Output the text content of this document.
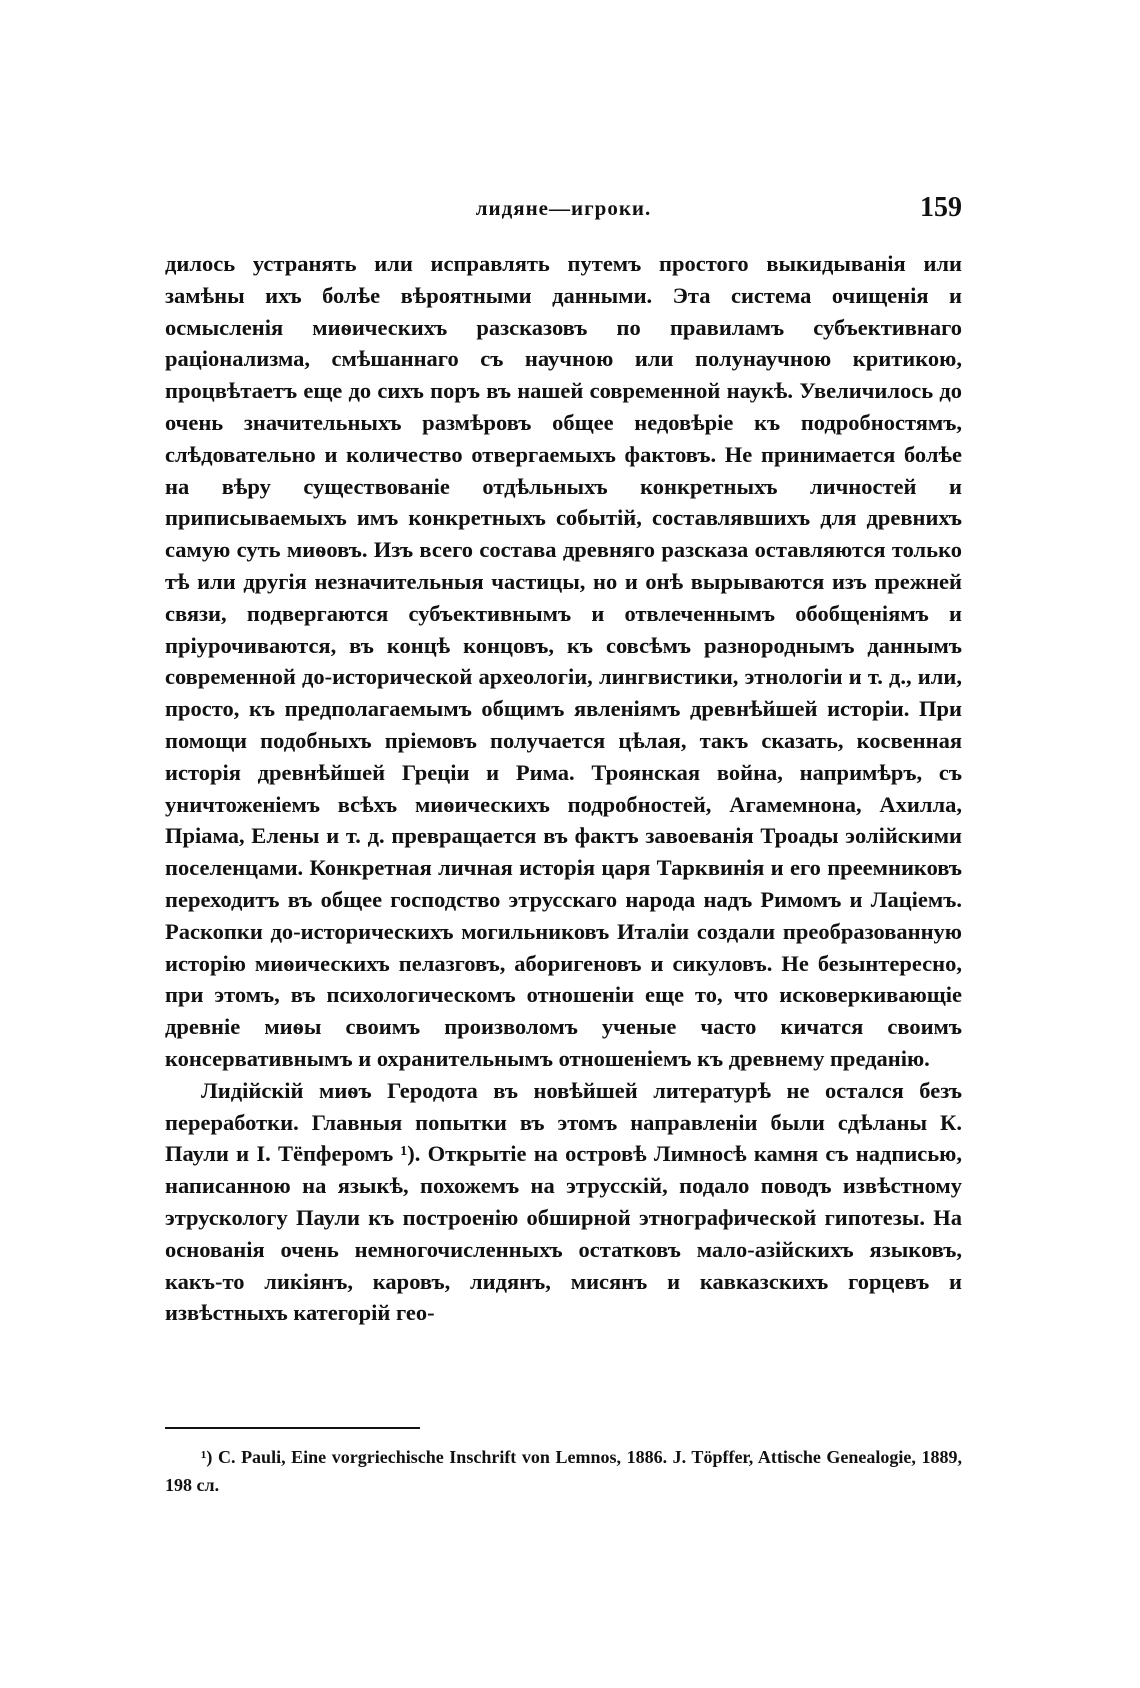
лидяне—игроки.	159

дилось устранять или исправлять путемъ простого выкидыванія или замѣны ихъ болѣе вѣроятными данными. Эта система очищенія и осмысленія миѳическихъ разсказовъ по правиламъ субъективнаго раціонализма, смѣшаннаго съ научною или полунаучною критикою, процвѣтаетъ еще до сихъ поръ въ нашей современной наукѣ. Увеличилось до очень значительныхъ размѣровъ общее недовѣріе къ подробностямъ, слѣдовательно и количество отвергаемыхъ фактовъ. Не принимается болѣе на вѣру существованіе отдѣльныхъ конкретныхъ личностей и приписываемыхъ имъ конкретныхъ событій, составлявшихъ для древнихъ самую суть миѳовъ. Изъ всего состава древняго разсказа оставляются только тѣ или другія незначительныя частицы, но и онѣ вырываются изъ прежней связи, подвергаются субъективнымъ и отвлеченнымъ обобщеніямъ и пріурочиваются, въ концѣ концовъ, къ совсѣмъ разнороднымъ даннымъ современной до-исторической археологіи, лингвистики, этнологіи и т. д., или, просто, къ предполагаемымъ общимъ явленіямъ древнѣйшей исторіи. При помощи подобныхъ пріемовъ получается цѣлая, такъ сказать, косвенная исторія древнѣйшей Греціи и Рима. Троянская война, напримѣръ, съ уничтоженіемъ всѣхъ миѳическихъ подробностей, Агамемнона, Ахилла, Пріама, Елены и т. д. превращается въ фактъ завоеванія Троады эолійскими поселенцами. Конкретная личная исторія царя Тарквинія и его преемниковъ переходитъ въ общее господство этрусскаго народа надъ Римомъ и Лаціемъ. Раскопки до-историческихъ могильниковъ Италіи создали преобразованную исторію миѳическихъ пелазговъ, аборигеновъ и сикуловъ. Не безынтересно, при этомъ, въ психологическомъ отношеніи еще то, что исковеркивающіе древніе миѳы своимъ произволомъ ученые часто кичатся своимъ консервативнымъ и охранительнымъ отношеніемъ къ древнему преданію.

Лидійскій миѳъ Геродота въ новѣйшей литературѣ не остался безъ переработки. Главныя попытки въ этомъ направленіи были сдѣланы К. Паули и І. Тёпферомъ ¹). Открытіе на островѣ Лимносѣ камня съ надписью, написанною на языкѣ, похожемъ на этрусскій, подало поводъ извѣстному этрускологу Паули къ построенію обширной этнографической гипотезы. На основанія очень немногочисленныхъ остатковъ мало-азійскихъ языковъ, какъ-то ликіянъ, каровъ, лидянъ, мисянъ и кавказскихъ горцевъ и извѣстныхъ категорій гео-

¹) C. Pauli, Eine vorgriechische Inschrift von Lemnos, 1886. J. Töpffer, Attische Genealogie, 1889, 198 сл.
